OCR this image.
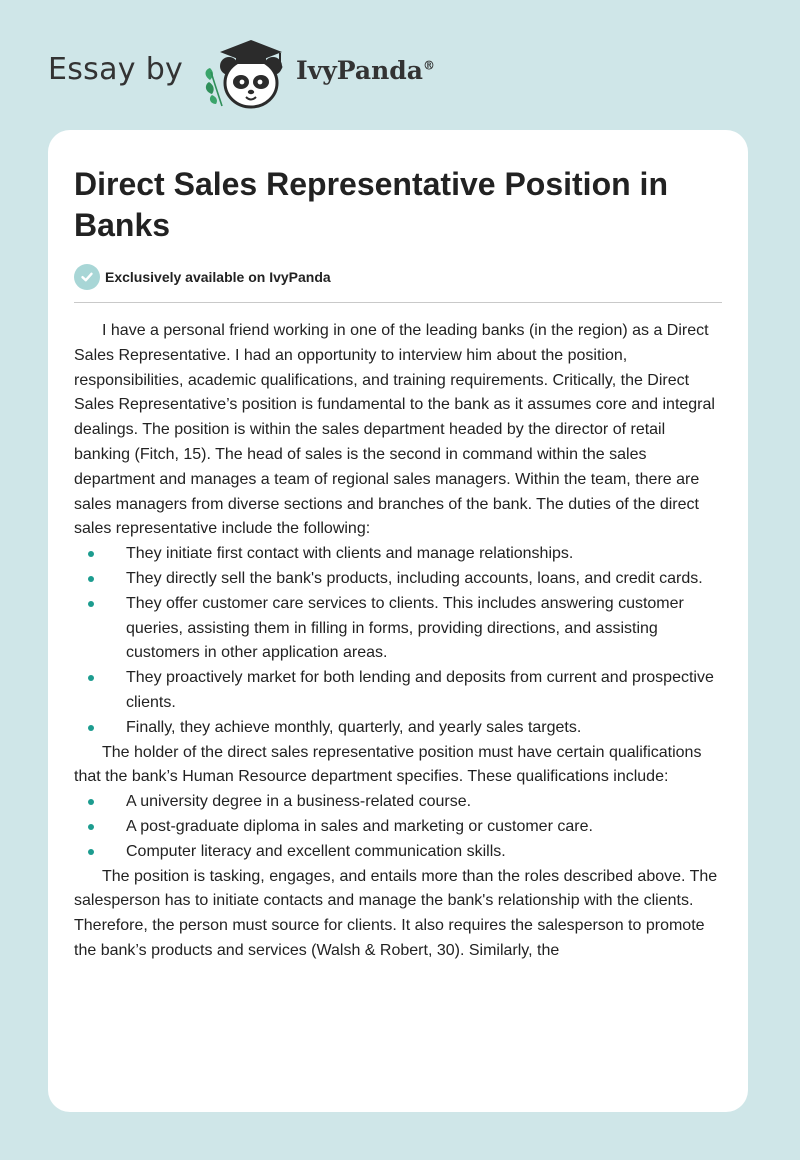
Essay by	IvyPanda®
Direct Sales Representative Position in Banks
Exclusively available on IvyPanda

I have a personal friend working in one of the leading banks (in the region) as a Direct Sales Representative. I had an opportunity to interview him about the position, responsibilities, academic qualifications, and training requirements. Critically, the Direct Sales Representative’s position is fundamental to the bank as it assumes core and integral dealings. The position is within the sales department headed by the director of retail banking (Fitch, 15). The head of sales is the second in command within the sales department and manages a team of regional sales managers. Within the team, there are sales managers from diverse sections and branches of the bank. The duties of the direct sales representative include the following:

They initiate first contact with clients and manage relationships.
They directly sell the bank's products, including accounts, loans, and credit cards.
They offer customer care services to clients. This includes answering customer queries, assisting them in filling in forms, providing directions, and assisting customers in other application areas.
They proactively market for both lending and deposits from current and prospective clients.
Finally, they achieve monthly, quarterly, and yearly sales targets.

The holder of the direct sales representative position must have certain qualifications that the bank’s Human Resource department specifies. These qualifications include:

A university degree in a business-related course.
A post-graduate diploma in sales and marketing or customer care.
Computer literacy and excellent communication skills.

The position is tasking, engages, and entails more than the roles described above. The salesperson has to initiate contacts and manage the bank's relationship with the clients. Therefore, the person must source for clients. It also requires the salesperson to promote the bank’s products and services (Walsh & Robert, 30). Similarly, the
